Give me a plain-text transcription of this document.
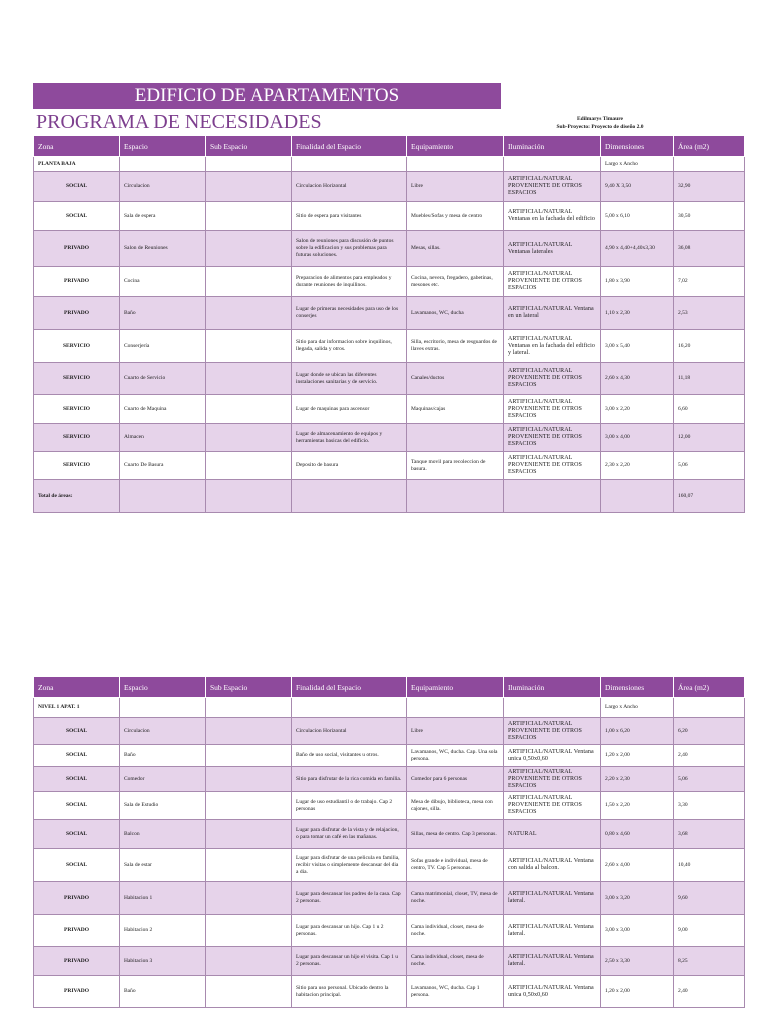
EDIFICIO DE APARTAMENTOS
PROGRAMA DE NECESIDADES	Edilmarys Timaure
Sub-Proyecto: Proyecto de diseño 2.0
Zona	Espacio	Sub Espacio	Finalidad del Espacio	Equipamiento	Iluminación	Dimensiones	Área (m2)
PLANTA BAJA						Largo x Ancho	
SOCIAL	Circulacion		Circulacion Horizontal	Libre	ARTIFICIAL/NATURAL PROVENIENTE DE OTROS ESPACIOS	9,40 X 3,50	32,90
SOCIAL	Sala de espera		Sitio de espera para visitantes	Muebles/Sofas y mesa de centro	ARTIFICIAL/NATURAL Ventanas en la fachada del edificio	5,00 x 6,10	30,50
PRIVADO	Salon de Reuniones		Salon de reuniones para discusión de puntos sobre la edificacion y sus problemas para futuras soluciones.	Mesas, sillas.	ARTIFICIAL/NATURAL Ventanas laterales	4,90 x 4,40+4,40x3,30	36,08
PRIVADO	Cocina		Preparacion de alimentos para empleados y durante reuniones de inquilinos.	Cocina, nevera, fregadero, gabetinas, mesones etc.	ARTIFICIAL/NATURAL PROVENIENTE DE OTROS ESPACIOS	1,80 x 3,90	7,02
PRIVADO	Baño		Lugar de primeras necesidades para uso de los conserjes	Lavamanos, WC, ducha	ARTIFICIAL/NATURAL Ventana en un lateral	1,10 x 2,30	2,53
SERVICIO	Conserjería		Sitio para dar informacion sobre inquilinos, llegada, salida y otros.	Silla, escritorio, mesa de resguardos de llaves extras.	ARTIFICIAL/NATURAL Ventanas en la fachada del edificio y lateral.	3,00 x 5,40	16,20
SERVICIO	Cuarto de Servicio		Lugar donde se ubican las diferentes instalaciones sanitarias y de servicio.	Canales/ductos	ARTIFICIAL/NATURAL PROVENIENTE DE OTROS ESPACIOS	2,60 x 4,30	11,18
SERVICIO	Cuarto de Maquina		Lugar de maquinas para ascensor	Maquinas/cajas	ARTIFICIAL/NATURAL PROVENIENTE DE OTROS ESPACIOS	3,00 x 2,20	6,60
SERVICIO	Almacen		Lugar de almacenamiento de equipos y herramientas basicas del edificio.		ARTIFICIAL/NATURAL PROVENIENTE DE OTROS ESPACIOS	3,00 x 4,00	12,00
SERVICIO	Cuarto De Basura		Deposito de basura	Tanque movil para recoleccion de basura.	ARTIFICIAL/NATURAL PROVENIENTE DE OTROS ESPACIOS	2,30 x 2,20	5,06
Total de áreas:							160,07
Zona	Espacio	Sub Espacio	Finalidad del Espacio	Equipamiento	Iluminación	Dimensiones	Área (m2)
NIVEL 1 APAT. 1						Largo x Ancho	
SOCIAL	Circulacion		Circulacion Horizontal	Libre	ARTIFICIAL/NATURAL PROVENIENTE DE OTROS ESPACIOS	1,00 x 6,20	6,20
SOCIAL	Baño		Baño de uso social, visitantes u otros.	Lavamanos, WC, ducha. Cap. Una sola persona.	ARTIFICIAL/NATURAL Ventana unica 0,50x0,60	1,20 x 2,00	2,40
SOCIAL	Comedor		Sitio para disfrutar de la rica comida en familia.	Comedor para 6 personas	ARTIFICIAL/NATURAL PROVENIENTE DE OTROS ESPACIOS	2,20 x 2,30	5,06
SOCIAL	Sala de Estudio		Lugar de uso estudiantil o de trabajo. Cap 2 personas	Mesa de dibujo, biblioteca, mesa con cajones, silla.	ARTIFICIAL/NATURAL PROVENIENTE DE OTROS ESPACIOS	1,50 x 2,20	3,30
SOCIAL	Balcon		Lugar para disfrutar de la vista y de relajacion, o para tomar un café en las mañanas.	Sillas, mesa de centro. Cap 3 personas.	NATURAL	0,80 x 4,60	3,68
SOCIAL	Sala de estar		Lugar para disfrutar de una pelicula en familia, recibir visitas o simplemente descansar del dia a dia.	Sofas grande e individual, mesa de centro, TV. Cap 5 personas.	ARTIFICIAL/NATURAL Ventana con salida al balcon.	2,60 x 4,00	10,40
PRIVADO	Habitacion 1		Lugar para descansar los padres de la casa. Cap 2 personas.	Cama matrimonial, closet, TV, mesa de noche.	ARTIFICIAL/NATURAL Ventana lateral.	3,00 x 3,20	9,60
PRIVADO	Habitacion 2		Lugar para descansar un hijo. Cap 1 u 2 personas.	Cama individual, closet, mesa de noche.	ARTIFICIAL/NATURAL Ventana lateral.	3,00 x 3,00	9,00
PRIVADO	Habitacion 3		Lugar para descansar un hijo el visita. Cap 1 u 2 personas.	Cama individual, closet, mesa de noche.	ARTIFICIAL/NATURAL Ventana lateral.	2,50 x 3,30	8,25
PRIVADO	Baño		Sitio para uso personal. Ubicado dentro la habitacion principal.	Lavamanos, WC, ducha. Cap 1 persona.	ARTIFICIAL/NATURAL Ventana unica 0,50x0,60	1,20 x 2,00	2,40
